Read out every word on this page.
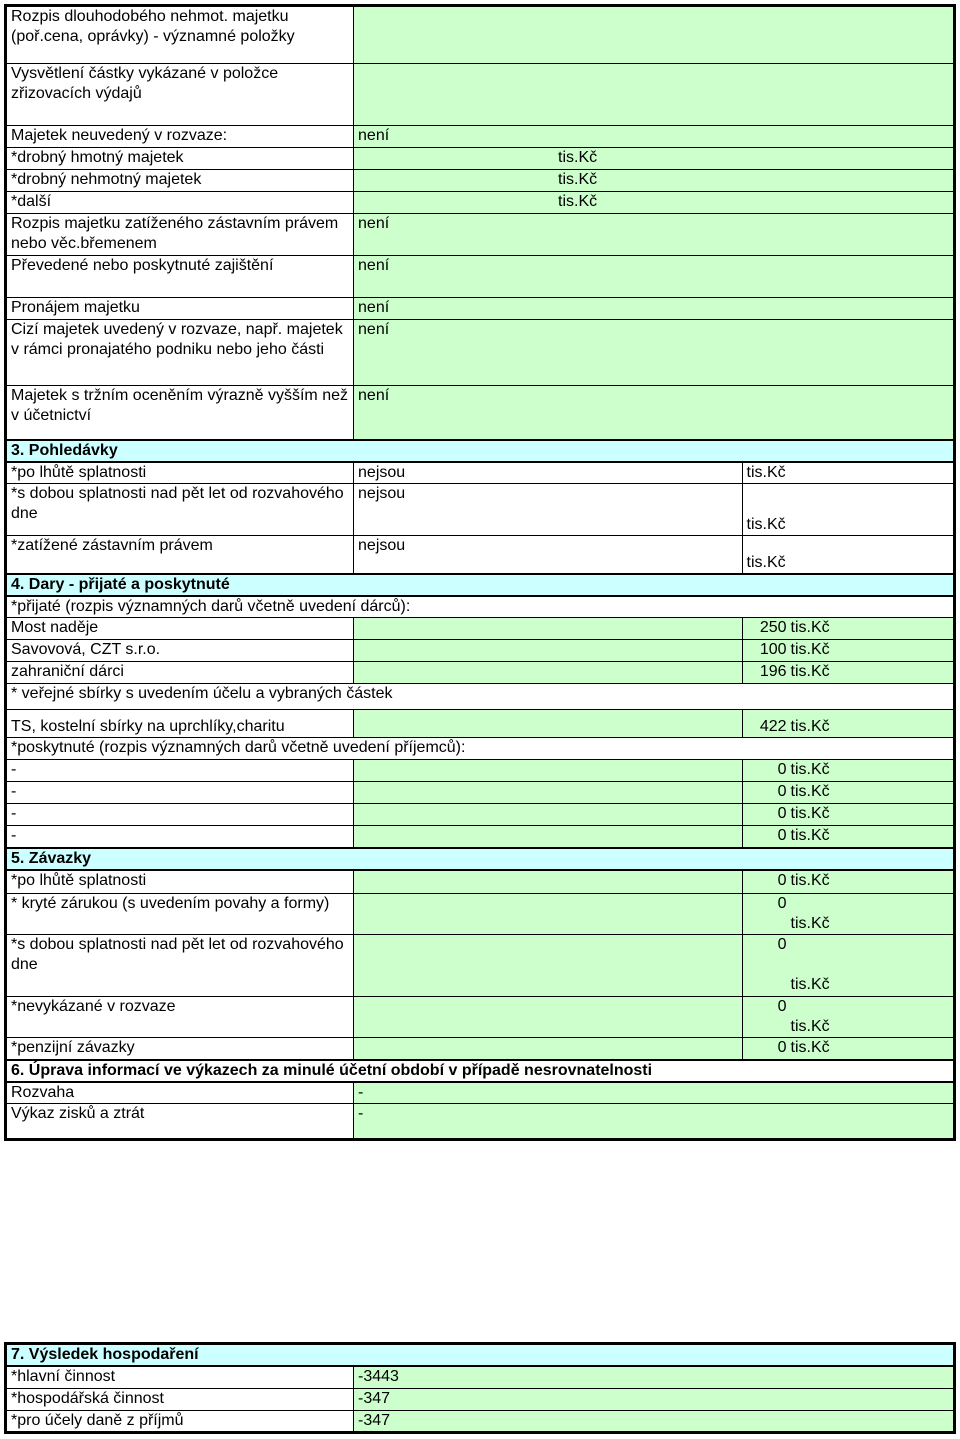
Rozpis dlouhodobého nehmot. majetku (poř.cena, oprávky) - významné položky		
Vysvětlení částky vykázané v položce zřizovacích výdajů		
Majetek neuvedený v rozvaze:	není	
*drobný hmotný majetek	tis.Kč	
*drobný nehmotný majetek	tis.Kč	
*další	tis.Kč	
Rozpis majetku zatíženého zástavním právem nebo věc.břemenem	není	
Převedené nebo poskytnuté zajištění	není	
Pronájem majetku	není	
Cizí majetek uvedený v rozvaze, např. majetek v rámci pronajatého podniku nebo jeho části	není	
Majetek s tržním oceněním výrazně vyšším než v účetnictví	není	
3. Pohledávky		
*po lhůtě splatnosti	nejsou	tis.Kč
*s dobou splatnosti nad pět let od rozvahového dne	nejsou	tis.Kč
*zatížené zástavním právem	nejsou	tis.Kč
4. Dary - přijaté a poskytnuté		
*přijaté (rozpis významných darů včetně uvedení dárců):		
Most naděje		250 tis.Kč
Savovová, CZT s.r.o.		100 tis.Kč
zahraniční dárci		196 tis.Kč
* veřejné sbírky s uvedením účelu a vybraných částek		
TS, kostelní sbírky na uprchlíky,charitu		422 tis.Kč
*poskytnuté (rozpis významných darů včetně uvedení příjemců):		
-		0 tis.Kč
-		0 tis.Kč
-		0 tis.Kč
-		0 tis.Kč
5. Závazky		
*po lhůtě splatnosti		0 tis.Kč
* kryté zárukou (s uvedením povahy a formy)		0
tis.Kč
*s dobou splatnosti nad pět let od rozvahového dne		0

tis.Kč
*nevykázané v rozvaze		0
tis.Kč
*penzijní závazky		0 tis.Kč
6. Úprava informací ve výkazech za minulé účetní období v případě nesrovnatelnosti		
Rozvaha	-	
Výkaz zisků a ztrát	-	
7. Výsledek hospodaření	
*hlavní činnost	-3443
*hospodářská činnost	-347
*pro účely daně z příjmů	-347
